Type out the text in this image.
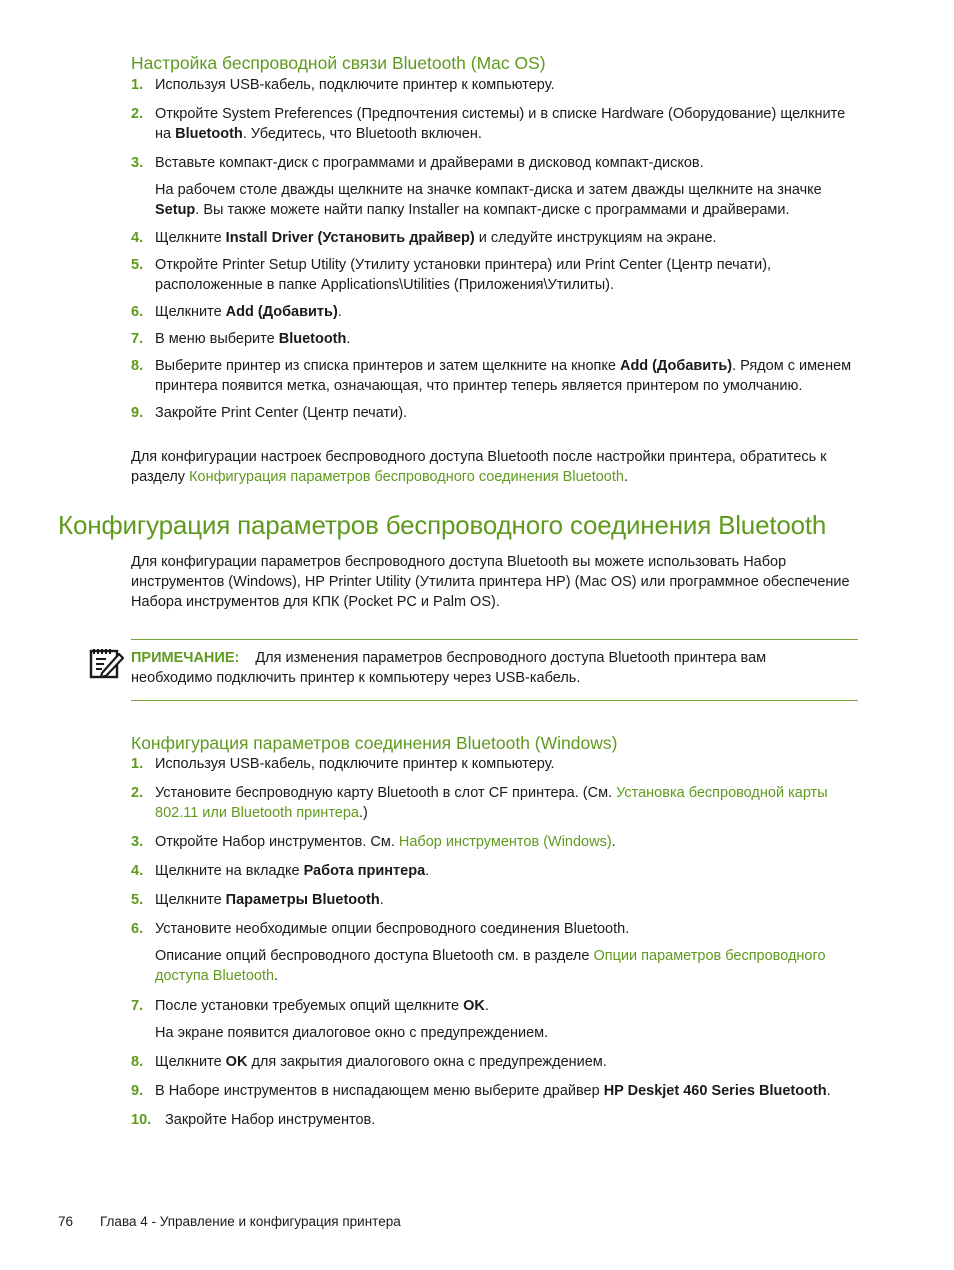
Настройка беспроводной связи Bluetooth (Mac OS)
1. Используя USB-кабель, подключите принтер к компьютеру.
2. Откройте System Preferences (Предпочтения системы) и в списке Hardware (Оборудование) щелкните на Bluetooth. Убедитесь, что Bluetooth включен.
3. Вставьте компакт-диск с программами и драйверами в дисковод компакт-дисков.
На рабочем столе дважды щелкните на значке компакт-диска и затем дважды щелкните на значке Setup. Вы также можете найти папку Installer на компакт-диске с программами и драйверами.
4. Щелкните Install Driver (Установить драйвер) и следуйте инструкциям на экране.
5. Откройте Printer Setup Utility (Утилиту установки принтера) или Print Center (Центр печати), расположенные в папке Applications\Utilities (Приложения\Утилиты).
6. Щелкните Add (Добавить).
7. В меню выберите Bluetooth.
8. Выберите принтер из списка принтеров и затем щелкните на кнопке Add (Добавить). Рядом с именем принтера появится метка, означающая, что принтер теперь является принтером по умолчанию.
9. Закройте Print Center (Центр печати).
Для конфигурации настроек беспроводного доступа Bluetooth после настройки принтера, обратитесь к разделу Конфигурация параметров беспроводного соединения Bluetooth.
Конфигурация параметров беспроводного соединения Bluetooth
Для конфигурации параметров беспроводного доступа Bluetooth вы можете использовать Набор инструментов (Windows), HP Printer Utility (Утилита принтера HP) (Mac OS) или программное обеспечение Набора инструментов для КПК (Pocket PC и Palm OS).
ПРИМЕЧАНИЕ: Для изменения параметров беспроводного доступа Bluetooth принтера вам необходимо подключить принтер к компьютеру через USB-кабель.
Конфигурация параметров соединения Bluetooth (Windows)
1. Используя USB-кабель, подключите принтер к компьютеру.
2. Установите беспроводную карту Bluetooth в слот CF принтера. (См. Установка беспроводной карты 802.11 или Bluetooth принтера.)
3. Откройте Набор инструментов. См. Набор инструментов (Windows).
4. Щелкните на вкладке Работа принтера.
5. Щелкните Параметры Bluetooth.
6. Установите необходимые опции беспроводного соединения Bluetooth.
Описание опций беспроводного доступа Bluetooth см. в разделе Опции параметров беспроводного доступа Bluetooth.
7. После установки требуемых опций щелкните OK.
На экране появится диалоговое окно с предупреждением.
8. Щелкните OK для закрытия диалогового окна с предупреждением.
9. В Наборе инструментов в ниспадающем меню выберите драйвер HP Deskjet 460 Series Bluetooth.
10. Закройте Набор инструментов.
76 Глава 4 - Управление и конфигурация принтера
